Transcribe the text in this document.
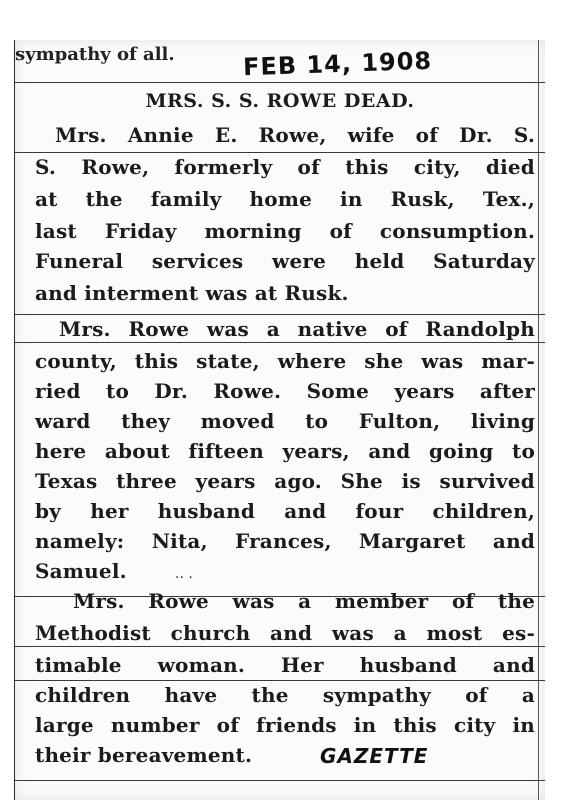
sympathy of all.	FEB 14, 1908
MRS. S. S. ROWE DEAD.
Mrs. Annie E. Rowe, wife of Dr. S.
S. Rowe, formerly of this city, died
at the family home in Rusk, Tex.,
last Friday morning of consumption.
Funeral services were held Saturday
and interment was at Rusk.
Mrs. Rowe was a native of Randolph
county, this state, where she was mar-
ried to Dr. Rowe. Some years after
ward they moved to Fulton, living
here about fifteen years, and going to
Texas three years ago. She is survived
by her husband and four children,
namely: Nita, Frances, Margaret and
Samuel.	·· ·
Mrs. Rowe was a member of the
Methodist church and was a most es-
timable woman. Her husband and
children have the sympathy of a
large number of friends in this city in
their bereavement.	GAZETTE
